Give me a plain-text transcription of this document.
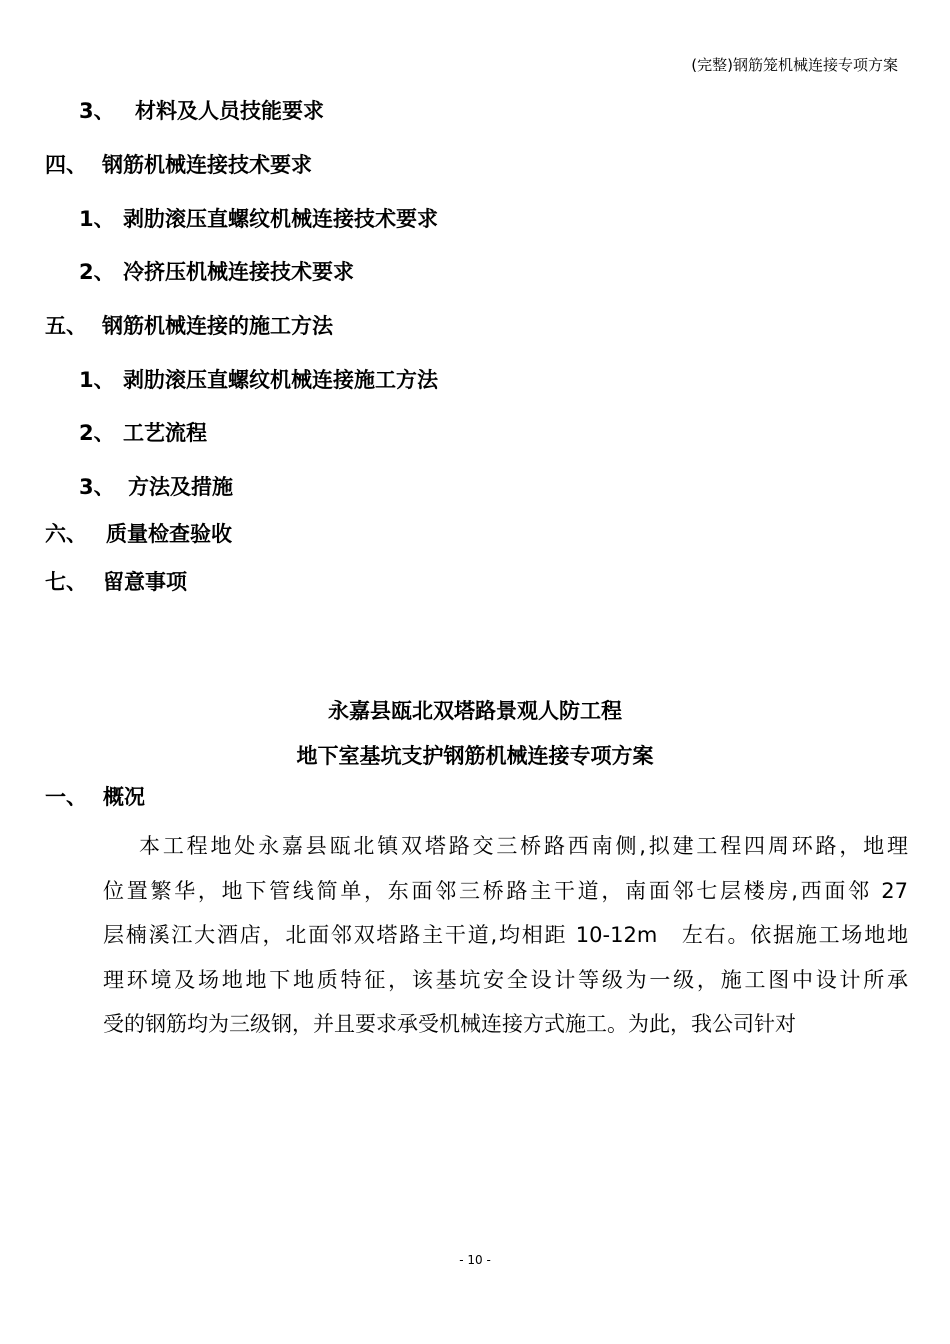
(完整)钢筋笼机械连接专项方案
3、 材料及人员技能要求
四、 钢筋机械连接技术要求
1、 剥肋滚压直螺纹机械连接技术要求
2、 冷挤压机械连接技术要求
五、 钢筋机械连接的施工方法
1、 剥肋滚压直螺纹机械连接施工方法
2、 工艺流程
3、 方法及措施
六、 质量检查验收
七、 留意事项
永嘉县瓯北双塔路景观人防工程
地下室基坑支护钢筋机械连接专项方案
一、 概况
本工程地处永嘉县瓯北镇双塔路交三桥路西南侧,拟建工程四周环路，地理
位置繁华，地下管线简单，东面邻三桥路主干道，南面邻七层楼房,西面邻 27
层楠溪江大酒店，北面邻双塔路主干道,均相距 10-12m　左右。依据施工场地地
理环境及场地地下地质特征，该基坑安全设计等级为一级，施工图中设计所承
受的钢筋均为三级钢，并且要求承受机械连接方式施工。为此，我公司针对
- 10 -
